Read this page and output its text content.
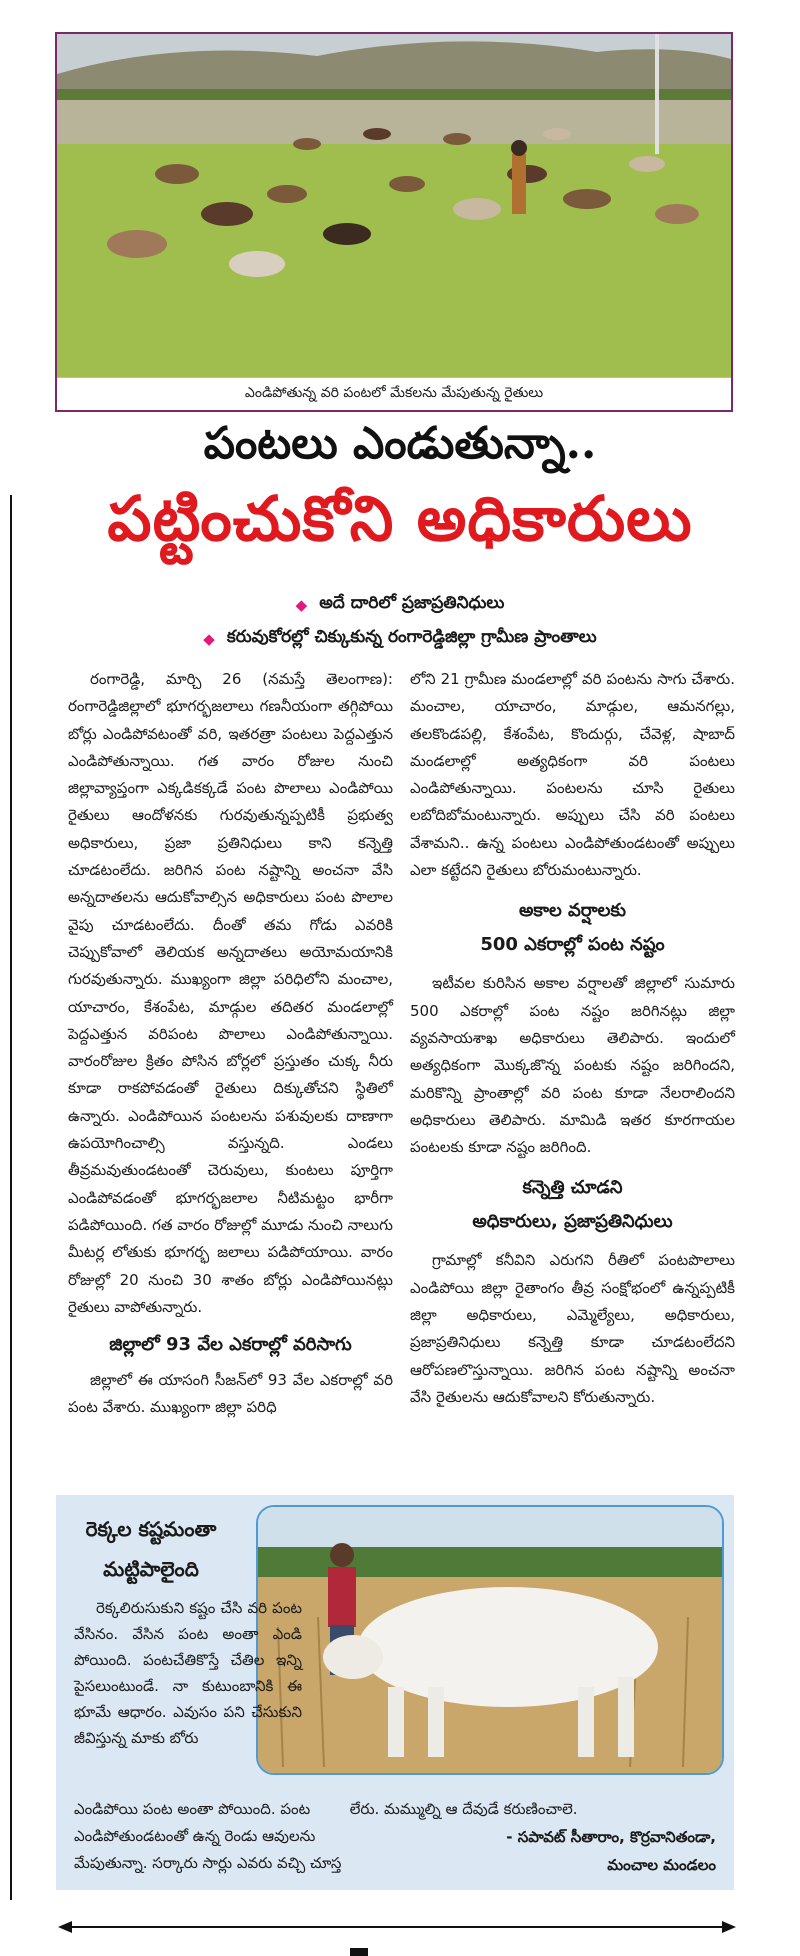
ఎండిపోతున్న వరి పంటలో మేకలను మేపుతున్న రైతులు
పంటలు ఎండుతున్నా..
పట్టించుకోని అధికారులు
◆ అదే దారిలో ప్రజాప్రతినిధులు
◆ కరువుకోరల్లో చిక్కుకున్న రంగారెడ్డిజిల్లా గ్రామీణ ప్రాంతాలు

రంగారెడ్డి, మార్చి 26 (నమస్తే తెలంగాణ): రంగారెడ్డిజిల్లాలో భూగర్భజలాలు గణనీయంగా తగ్గిపోయి బోర్లు ఎండిపోవటంతో వరి, ఇతరత్రా పంటలు పెద్దఎత్తున ఎండిపోతున్నాయి. గత వారం రోజుల నుంచి జిల్లావ్యాప్తంగా ఎక్కడికక్కడే పంట పొలాలు ఎండిపోయి రైతులు ఆందోళనకు గురవుతున్నప్పటికీ ప్రభుత్వ అధికారులు, ప్రజా ప్రతినిధులు కాని కన్నెత్తి చూడటంలేదు. జరిగిన పంట నష్టాన్ని అంచనా వేసి అన్నదాతలను ఆదుకోవాల్సిన అధికారులు పంట పొలాల వైపు చూడటంలేదు. దీంతో తమ గోడు ఎవరికి చెప్పుకోవాలో తెలియక అన్నదాతలు అయోమయానికి గురవుతున్నారు. ముఖ్యంగా జిల్లా పరిధిలోని మంచాల, యాచారం, కేశంపేట, మాడ్గుల తదితర మండలాల్లో పెద్దఎత్తున వరిపంట పొలాలు ఎండిపోతున్నాయి. వారంరోజుల క్రితం పోసిన బోర్లలో ప్రస్తుతం చుక్క నీరు కూడా రాకపోవడంతో రైతులు దిక్కుతోచని స్థితిలో ఉన్నారు. ఎండిపోయిన పంటలను పశువులకు దాణాగా ఉపయోగించాల్సి వస్తున్నది. ఎండలు తీవ్రమవుతుండటంతో చెరువులు, కుంటలు పూర్తిగా ఎండిపోవడంతో భూగర్భజలాల నీటిమట్టం భారీగా పడిపోయింది. గత వారం రోజుల్లో మూడు నుంచి నాలుగు మీటర్ల లోతుకు భూగర్భ జలాలు పడిపోయాయి. వారం రోజుల్లో 20 నుంచి 30 శాతం బోర్లు ఎండిపోయినట్లు రైతులు వాపోతున్నారు.

జిల్లాలో 93 వేల ఎకరాల్లో వరిసాగు

జిల్లాలో ఈ యాసంగి సీజన్‌లో 93 వేల ఎకరాల్లో వరి పంట వేశారు. ముఖ్యంగా జిల్లా పరిధి

లోని 21 గ్రామీణ మండలాల్లో వరి పంటను సాగు చేశారు. మంచాల, యాచారం, మాడ్గుల, ఆమనగల్లు, తలకొండపల్లి, కేశంపేట, కొందుర్గు, చేవెళ్ల, షాబాద్ మండలాల్లో అత్యధికంగా వరి పంటలు ఎండిపోతున్నాయి. పంటలను చూసి రైతులు లబోదిబోమంటున్నారు. అప్పులు చేసి వరి పంటలు వేశామని.. ఉన్న పంటలు ఎండిపోతుండటంతో అప్పులు ఎలా కట్టేదని రైతులు బోరుమంటున్నారు.

అకాల వర్షాలకు
500 ఎకరాల్లో పంట నష్టం

ఇటీవల కురిసిన అకాల వర్షాలతో జిల్లాలో సుమారు 500 ఎకరాల్లో పంట నష్టం జరిగినట్లు జిల్లా వ్యవసాయశాఖ అధికారులు తెలిపారు. ఇందులో అత్యధికంగా మొక్కజొన్న పంటకు నష్టం జరిగిందని, మరికొన్ని ప్రాంతాల్లో వరి పంట కూడా నేలరాలిందని అధికారులు తెలిపారు. మామిడి ఇతర కూరగాయల పంటలకు కూడా నష్టం జరిగింది.

కన్నెత్తి చూడని
అధికారులు, ప్రజాప్రతినిధులు

గ్రామాల్లో కనీవిని ఎరుగని రీతిలో పంటపొలాలు ఎండిపోయి జిల్లా రైతాంగం తీవ్ర సంక్షోభంలో ఉన్నప్పటికీ జిల్లా అధికారులు, ఎమ్మెల్యేలు, అధికారులు, ప్రజాప్రతినిధులు కన్నెత్తి కూడా చూడటంలేదని ఆరోపణలొస్తున్నాయి. జరిగిన పంట నష్టాన్ని అంచనా వేసి రైతులను ఆదుకోవాలని కోరుతున్నారు.

రెక్కల కష్టమంతా
మట్టిపాలైంది

రెక్కలిరుసుకుని కష్టం చేసి వరి పంట వేసినం. వేసిన పంట అంతా ఎండి పోయింది. పంటచేతికొస్తే చేతిల ఇన్ని పైసలుంటుండే. నా కుటుంబానికి ఈ భూమే ఆధారం. ఎవుసం పని చేసుకుని జీవిస్తున్న మాకు బోరు

ఎండిపోయి పంట అంతా పోయింది. పంట	లేరు. మమ్ముల్ని ఆ దేవుడే కరుణించాలె.

ఎండిపోతుండటంతో ఉన్న రెండు ఆవులను

మేపుతున్నా. సర్కారు సార్లు ఎవరు వచ్చి చూస్త

- సపావట్ సీతారాం, కొర్రవానితండా,

మంచాల మండలం
